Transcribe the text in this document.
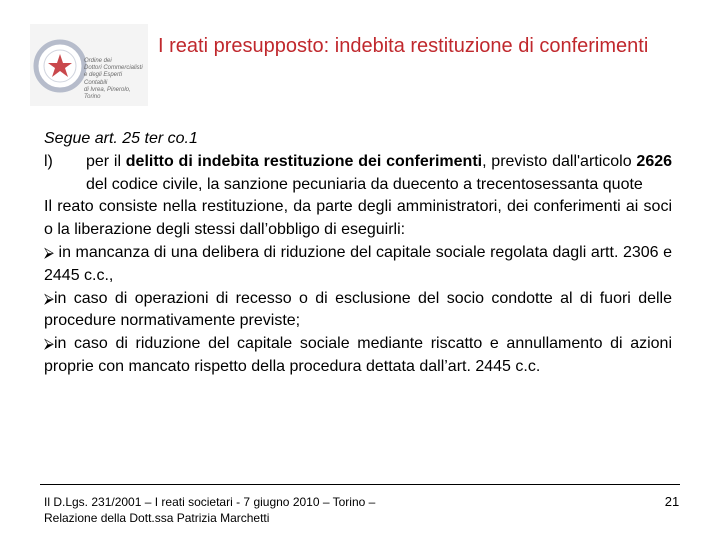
Ordine dei
Dottori Commercialisti
e degli Esperti Contabili
di Ivrea, Pinerolo, Torino
I reati presupposto: indebita restituzione di conferimenti

Segue art. 25 ter co.1

l)	per il delitto di indebita restituzione dei conferimenti, previsto dall'articolo 2626 del codice civile, la sanzione pecuniaria da duecento a trecentosessanta quote

Il reato consiste nella restituzione, da parte degli amministratori, dei conferimenti ai soci o la liberazione degli stessi dall’obbligo di eseguirli:

⮚ in mancanza di una delibera di riduzione del capitale sociale regolata dagli artt. 2306 e 2445 c.c.,

⮚in caso di operazioni di recesso o di esclusione del socio condotte al di fuori delle procedure normativamente previste;

⮚in caso di riduzione del capitale sociale mediante riscatto e annullamento di azioni proprie con mancato rispetto della procedura dettata dall’art. 2445 c.c.

Il D.Lgs. 231/2001 – I reati societari - 7 giugno 2010 – Torino –
Relazione della Dott.ssa Patrizia Marchetti
21
